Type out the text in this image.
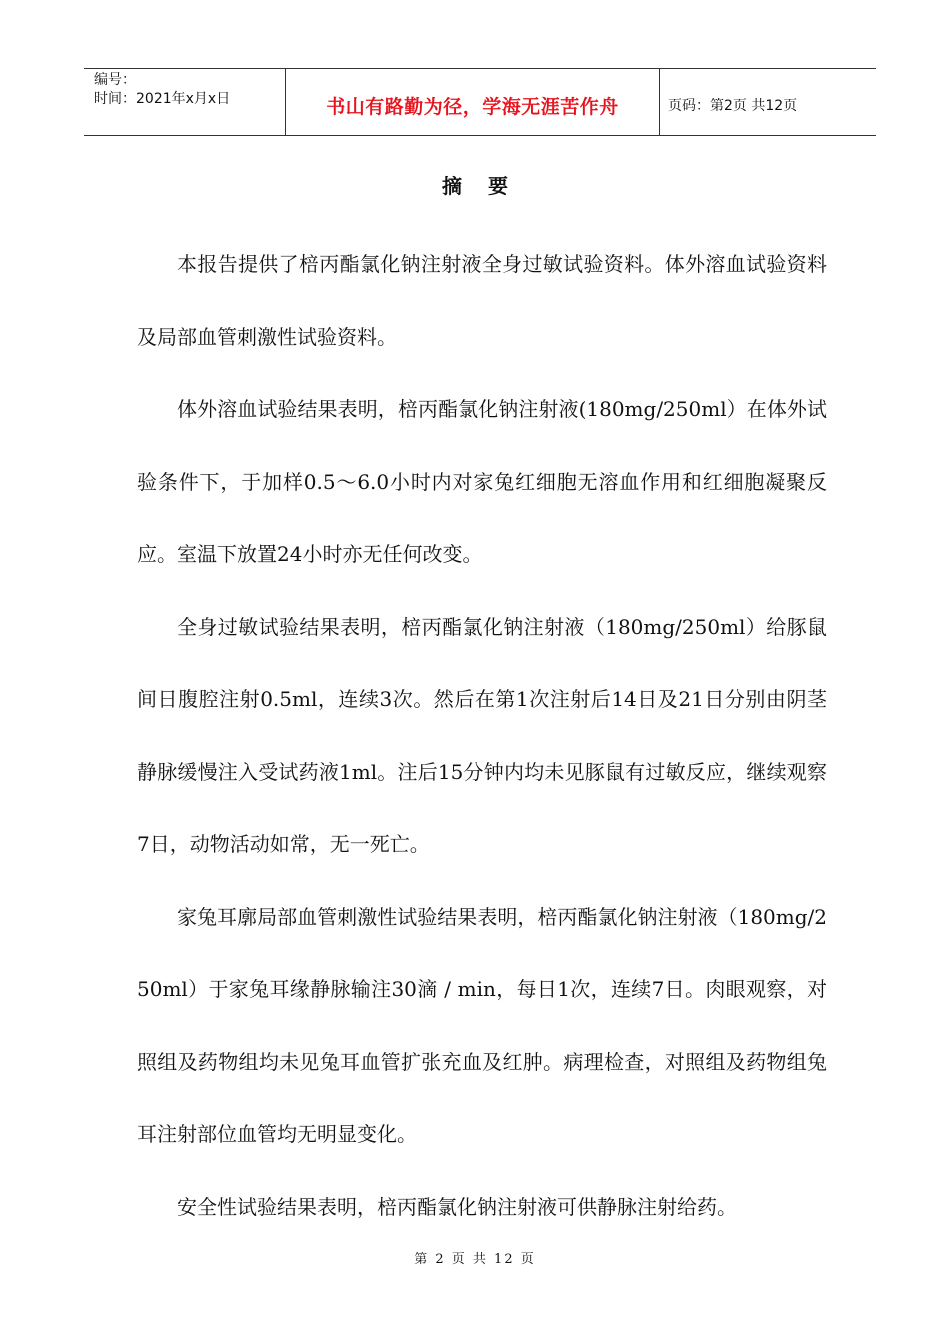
编号：
时间：2021年x月x日	书山有路勤为径，学海无涯苦作舟	页码：第2页 共12页
摘要

本报告提供了棓丙酯氯化钠注射液全身过敏试验资料。体外溶血试验资料及局部血管刺激性试验资料。

体外溶血试验结果表明，棓丙酯氯化钠注射液(180mg/250ml）在体外试验条件下，于加样0.5～6.0小时内对家兔红细胞无溶血作用和红细胞凝聚反应。室温下放置24小时亦无任何改变。

全身过敏试验结果表明，棓丙酯氯化钠注射液（180mg/250ml）给豚鼠间日腹腔注射0.5ml，连续3次。然后在第1次注射后14日及21日分别由阴茎静脉缓慢注入受试药液1ml。注后15分钟内均未见豚鼠有过敏反应，继续观察7日，动物活动如常，无一死亡。

家兔耳廓局部血管刺激性试验结果表明，棓丙酯氯化钠注射液（180mg/250ml）于家兔耳缘静脉输注30滴 / min，每日1次，连续7日。肉眼观察，对照组及药物组均未见兔耳血管扩张充血及红肿。病理检查，对照组及药物组兔耳注射部位血管均无明显变化。

安全性试验结果表明，棓丙酯氯化钠注射液可供静脉注射给药。

第 2 页 共 12 页
